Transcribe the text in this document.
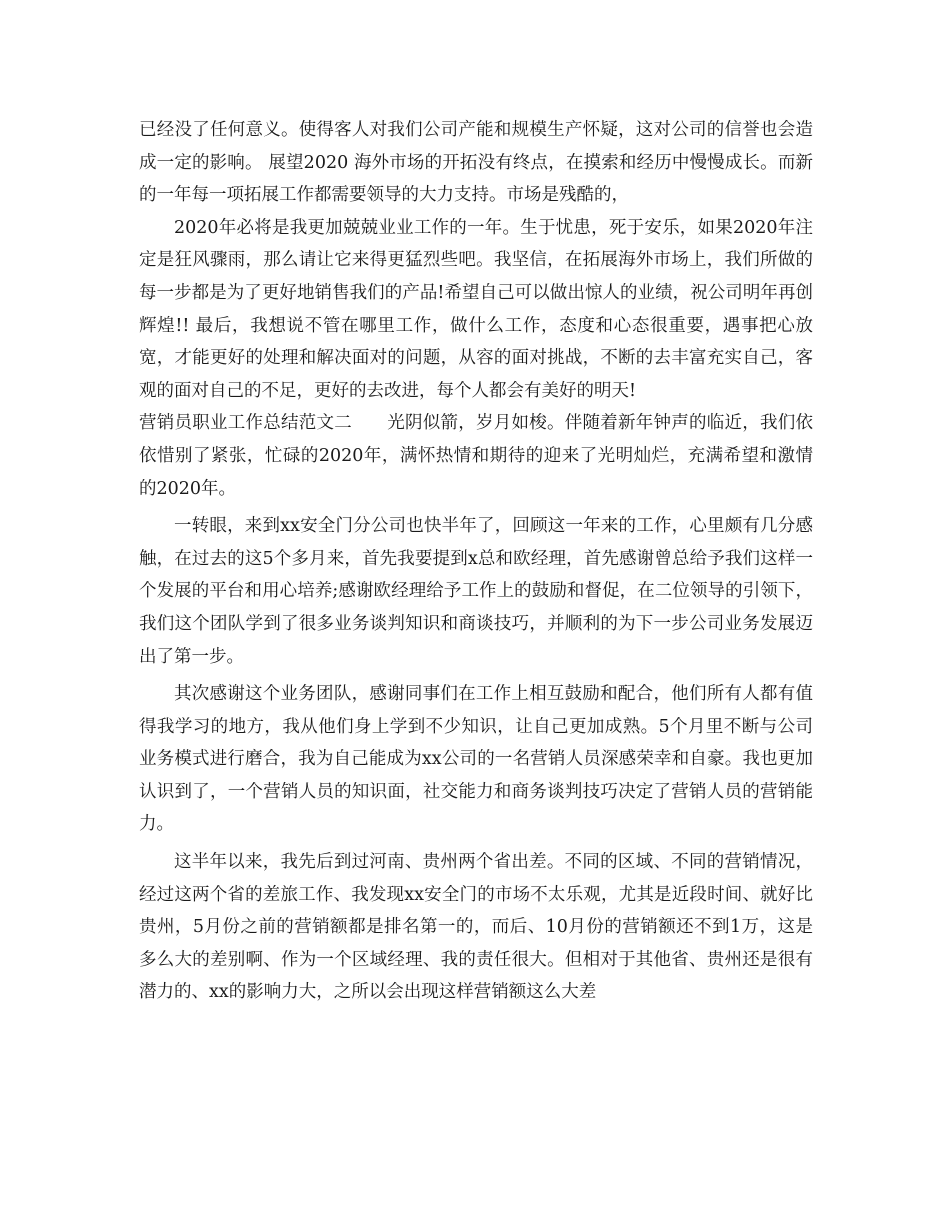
已经没了任何意义。使得客人对我们公司产能和规模生产怀疑，这对公司的信誉也会造成一定的影响。 展望2020 海外市场的开拓没有终点，在摸索和经历中慢慢成长。而新的一年每一项拓展工作都需要领导的大力支持。市场是残酷的，

2020年必将是我更加兢兢业业工作的一年。生于忧患，死于安乐，如果2020年注定是狂风骤雨，那么请让它来得更猛烈些吧。我坚信，在拓展海外市场上，我们所做的每一步都是为了更好地销售我们的产品!希望自己可以做出惊人的业绩，祝公司明年再创辉煌!! 最后，我想说不管在哪里工作，做什么工作，态度和心态很重要，遇事把心放宽，才能更好的处理和解决面对的问题，从容的面对挑战，不断的去丰富充实自己，客观的面对自己的不足，更好的去改进，每个人都会有美好的明天!

营销员职业工作总结范文二   光阴似箭，岁月如梭。伴随着新年钟声的临近，我们依依惜别了紧张，忙碌的2020年，满怀热情和期待的迎来了光明灿烂，充满希望和激情的2020年。

一转眼，来到xx安全门分公司也快半年了，回顾这一年来的工作，心里颇有几分感触，在过去的这5个多月来，首先我要提到x总和欧经理，首先感谢曾总给予我们这样一个发展的平台和用心培养;感谢欧经理给予工作上的鼓励和督促，在二位领导的引领下，我们这个团队学到了很多业务谈判知识和商谈技巧，并顺利的为下一步公司业务发展迈出了第一步。

其次感谢这个业务团队，感谢同事们在工作上相互鼓励和配合，他们所有人都有值得我学习的地方，我从他们身上学到不少知识，让自己更加成熟。5个月里不断与公司业务模式进行磨合，我为自己能成为xx公司的一名营销人员深感荣幸和自豪。我也更加认识到了，一个营销人员的知识面，社交能力和商务谈判技巧决定了营销人员的营销能力。

这半年以来，我先后到过河南、贵州两个省出差。不同的区域、不同的营销情况，经过这两个省的差旅工作、我发现xx安全门的市场不太乐观，尤其是近段时间、就好比贵州，5月份之前的营销额都是排名第一的，而后、10月份的营销额还不到1万，这是多么大的差别啊、作为一个区域经理、我的责任很大。但相对于其他省、贵州还是很有潜力的、xx的影响力大，之所以会出现这样营销额这么大差
